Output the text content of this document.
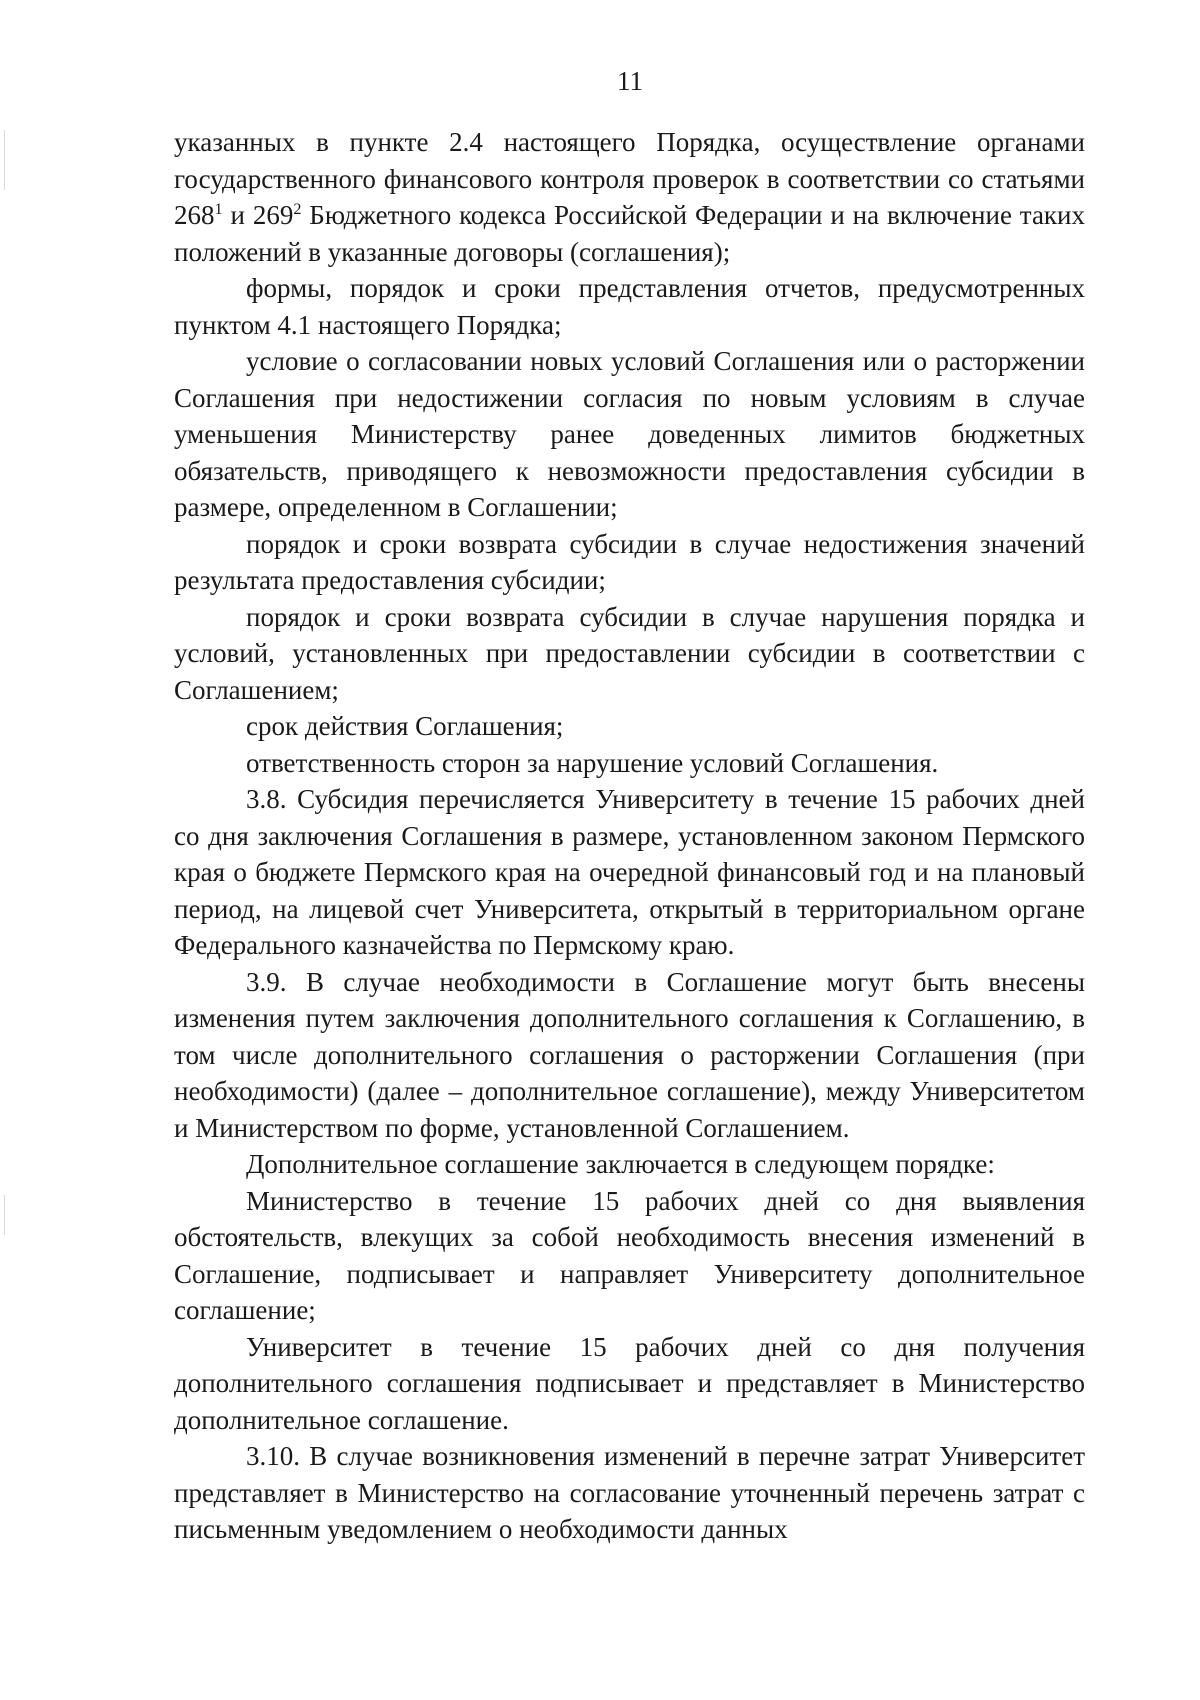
11

указанных в пункте 2.4 настоящего Порядка, осуществление органами государственного финансового контроля проверок в соответствии со статьями $268^1$ и $269^2$ Бюджетного кодекса Российской Федерации и на включение таких положений в указанные договоры (соглашения);

формы, порядок и сроки представления отчетов, предусмотренных пунктом 4.1 настоящего Порядка;

условие о согласовании новых условий Соглашения или о расторжении Соглашения при недостижении согласия по новым условиям в случае уменьшения Министерству ранее доведенных лимитов бюджетных обязательств, приводящего к невозможности предоставления субсидии в размере, определенном в Соглашении;

порядок и сроки возврата субсидии в случае недостижения значений результата предоставления субсидии;

порядок и сроки возврата субсидии в случае нарушения порядка и условий, установленных при предоставлении субсидии в соответствии с Соглашением;

срок действия Соглашения;

ответственность сторон за нарушение условий Соглашения.

3.8. Субсидия перечисляется Университету в течение 15 рабочих дней со дня заключения Соглашения в размере, установленном законом Пермского края о бюджете Пермского края на очередной финансовый год и на плановый период, на лицевой счет Университета, открытый в территориальном органе Федерального казначейства по Пермскому краю.

3.9. В случае необходимости в Соглашение могут быть внесены изменения путем заключения дополнительного соглашения к Соглашению, в том числе дополнительного соглашения о расторжении Соглашения (при необходимости) (далее – дополнительное соглашение), между Университетом и Министерством по форме, установленной Соглашением.

Дополнительное соглашение заключается в следующем порядке:

Министерство в течение 15 рабочих дней со дня выявления обстоятельств, влекущих за собой необходимость внесения изменений в Соглашение, подписывает и направляет Университету дополнительное соглашение;

Университет в течение 15 рабочих дней со дня получения дополнительного соглашения подписывает и представляет в Министерство дополнительное соглашение.

3.10. В случае возникновения изменений в перечне затрат Университет представляет в Министерство на согласование уточненный перечень затрат с письменным уведомлением о необходимости данных
